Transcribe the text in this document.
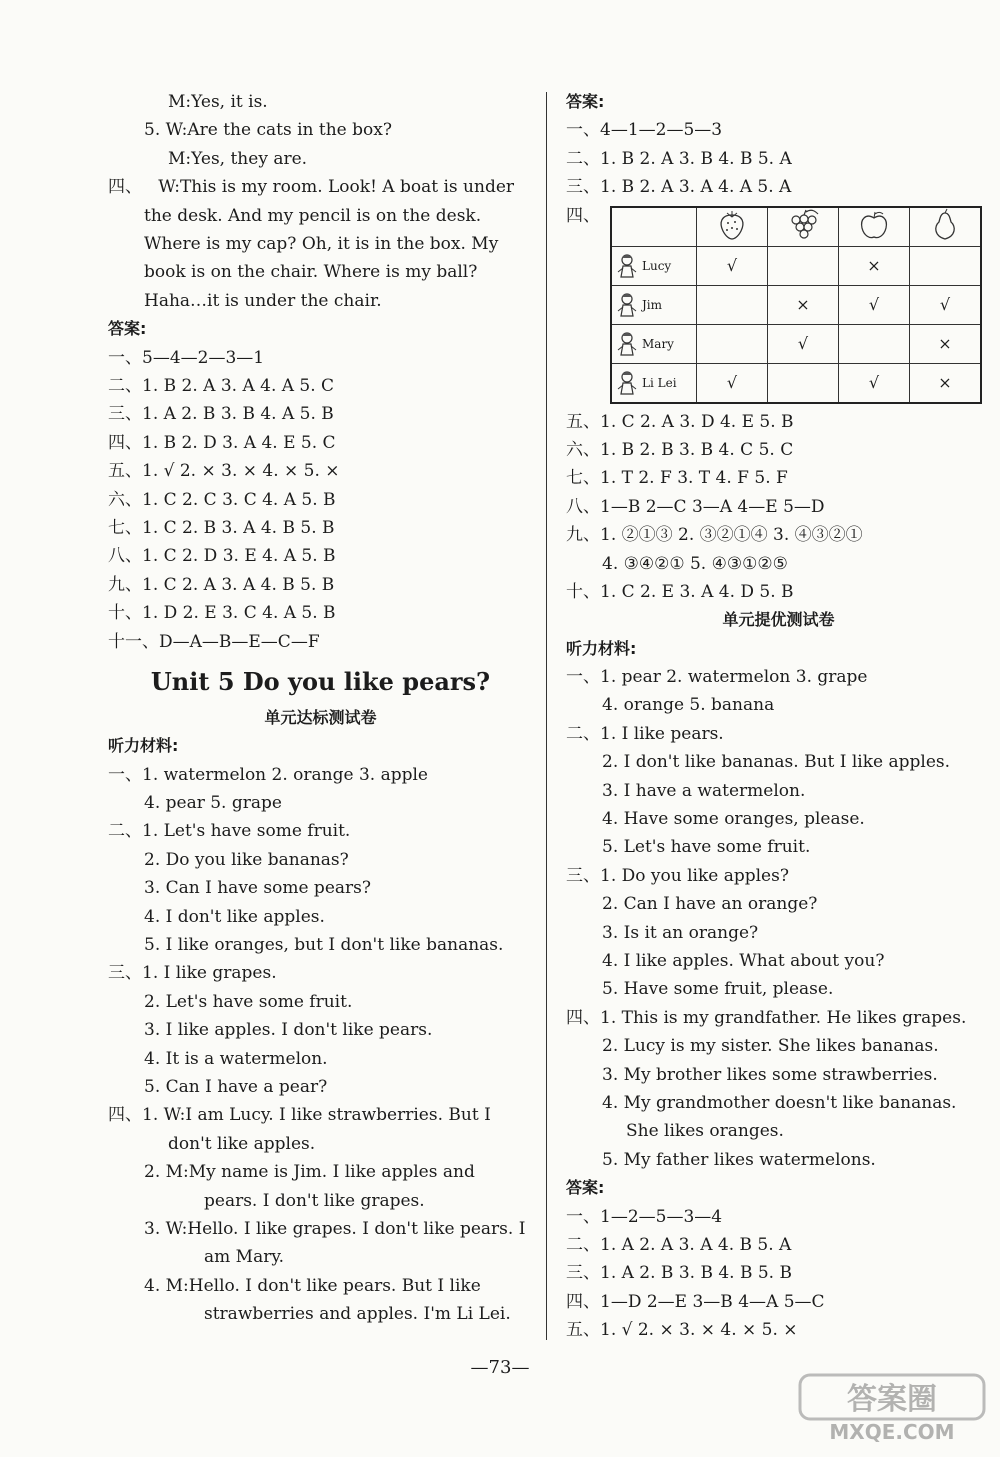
M:Yes, it is.
5. W:Are the cats in the box?
M:Yes, they are.
四、 W:This is my room. Look! A boat is under the desk. And my pencil is on the desk. Where is my cap? Oh, it is in the box. My book is on the chair. Where is my ball? Haha…it is under the chair.
答案:
一、5—4—2—3—1
二、1. B 2. A 3. A 4. A 5. C
三、1. A 2. B 3. B 4. A 5. B
四、1. B 2. D 3. A 4. E 5. C
五、1. √ 2. × 3. × 4. × 5. ×
六、1. C 2. C 3. C 4. A 5. B
七、1. C 2. B 3. A 4. B 5. B
八、1. C 2. D 3. E 4. A 5. B
九、1. C 2. A 3. A 4. B 5. B
十、1. D 2. E 3. C 4. A 5. B
十一、D—A—B—E—C—F
Unit 5 Do you like pears?
单元达标测试卷
听力材料:
一、1. watermelon 2. orange 3. apple
4. pear 5. grape
二、1. Let's have some fruit.
2. Do you like bananas?
3. Can I have some pears?
4. I don't like apples.
5. I like oranges, but I don't like bananas.
三、1. I like grapes.
2. Let's have some fruit.
3. I like apples. I don't like pears.
4. It is a watermelon.
5. Can I have a pear?
四、1. W:I am Lucy. I like strawberries. But I don't like apples.
2. M:My name is Jim. I like apples and pears. I don't like grapes.
3. W:Hello. I like grapes. I don't like pears. I am Mary.
4. M:Hello. I don't like pears. But I like strawberries and apples. I'm Li Lei.
答案:
一、4—1—2—5—3
二、1. B 2. A 3. B 4. B 5. A
三、1. B 2. A 3. A 4. A 5. A
四、

Lucy	√		×	
Jim		×	√	√
Mary		√		×
Li Lei	√		√	×
五、1. C 2. A 3. D 4. E 5. B
六、1. B 2. B 3. B 4. C 5. C
七、1. T 2. F 3. T 4. F 5. F
八、1—B 2—C 3—A 4—E 5—D
九、1. ②①③ 2. ③②①④ 3. ④③②①
4. ③④②① 5. ④③①②⑤
十、1. C 2. E 3. A 4. D 5. B
单元提优测试卷
听力材料:
一、1. pear 2. watermelon 3. grape
4. orange 5. banana
二、1. I like pears.
2. I don't like bananas. But I like apples.
3. I have a watermelon.
4. Have some oranges, please.
5. Let's have some fruit.
三、1. Do you like apples?
2. Can I have an orange?
3. Is it an orange?
4. I like apples. What about you?
5. Have some fruit, please.
四、1. This is my grandfather. He likes grapes.
2. Lucy is my sister. She likes bananas.
3. My brother likes some strawberries.
4. My grandmother doesn't like bananas.
She likes oranges.
5. My father likes watermelons.
答案:
一、1—2—5—3—4
二、1. A 2. A 3. A 4. B 5. A
三、1. A 2. B 3. B 4. B 5. B
四、1—D 2—E 3—B 4—A 5—C
五、1. √ 2. × 3. × 4. × 5. ×
—73—
答案圈
MXQE.COM
